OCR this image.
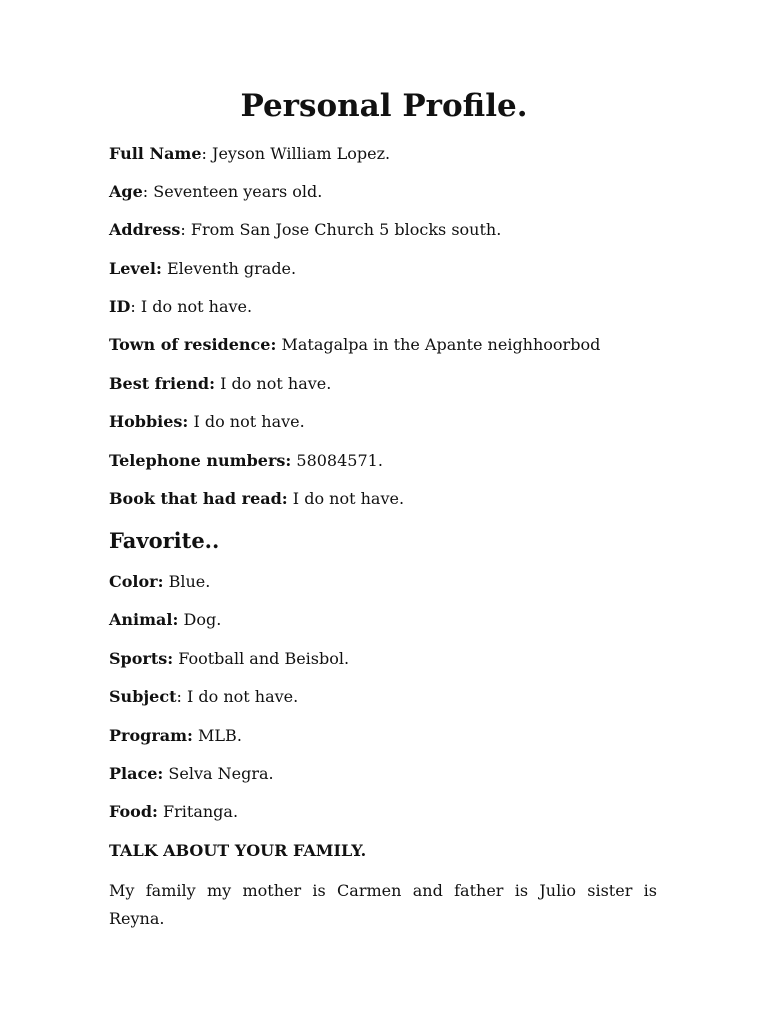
Personal Profile.

Full Name: Jeyson William Lopez.

Age: Seventeen years old.

Address: From San Jose Church 5 blocks south.

Level: Eleventh grade.

ID: I do not have.

Town of residence: Matagalpa in the Apante neighhoorbod

Best friend: I do not have.

Hobbies: I do not have.

Telephone numbers: 58084571.

Book that had read: I do not have.

Favorite..

Color: Blue.

Animal: Dog.

Sports: Football and Beisbol.

Subject: I do not have.

Program: MLB.

Place: Selva Negra.

Food: Fritanga.

TALK ABOUT YOUR FAMILY.

My family my mother is Carmen and father is Julio sister is Reyna.
